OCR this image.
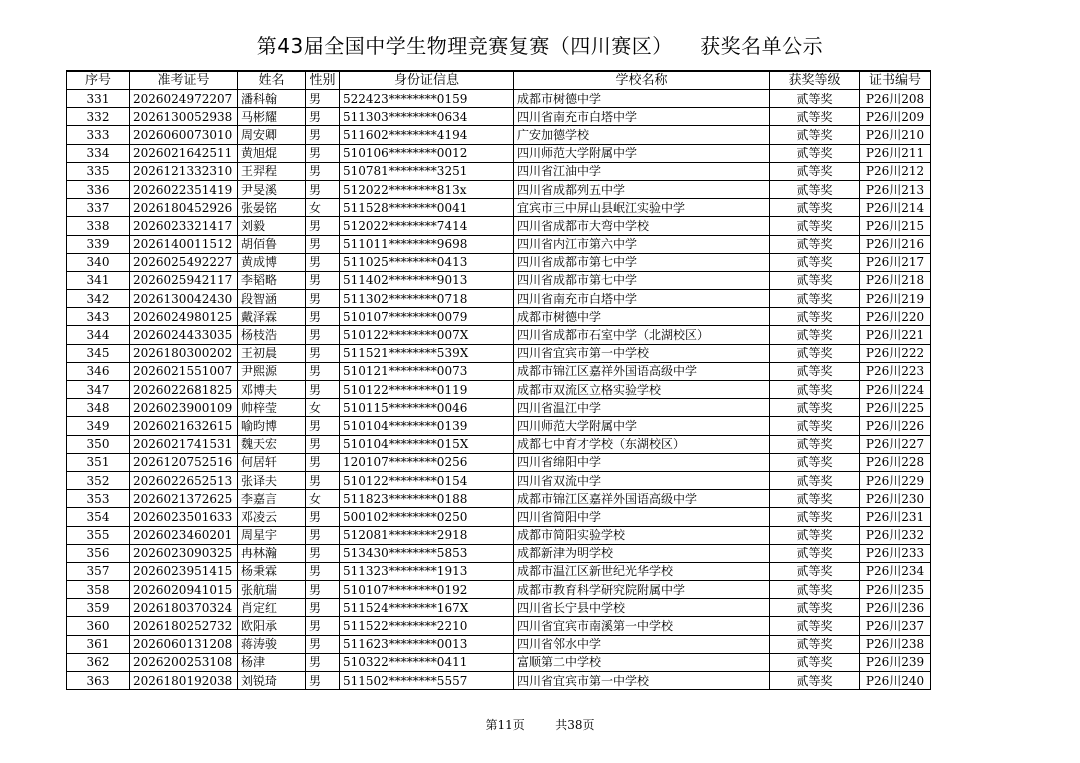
第43届全国中学生物理竞赛复赛（四川赛区）    获奖名单公示
序号	准考证号	姓名	性别	身份证信息	学校名称	获奖等级	证书编号
331	2026024972207	潘科翰	男	522423********0159	成都市树德中学	贰等奖	P26川208
332	2026130052938	马彬耀	男	511303********0634	四川省南充市白塔中学	贰等奖	P26川209
333	2026060073010	周安卿	男	511602********4194	广安加德学校	贰等奖	P26川210
334	2026021642511	黄旭焜	男	510106********0012	四川师范大学附属中学	贰等奖	P26川211
335	2026121332310	王羿程	男	510781********3251	四川省江油中学	贰等奖	P26川212
336	2026022351419	尹旻溪	男	512022********813x	四川省成都列五中学	贰等奖	P26川213
337	2026180452926	张晏铭	女	511528********0041	宜宾市三中屏山县岷江实验中学	贰等奖	P26川214
338	2026023321417	刘毅	男	512022********7414	四川省成都市大弯中学校	贰等奖	P26川215
339	2026140011512	胡佰鲁	男	511011********9698	四川省内江市第六中学	贰等奖	P26川216
340	2026025492227	黄成博	男	511025********0413	四川省成都市第七中学	贰等奖	P26川217
341	2026025942117	李韬略	男	511402********9013	四川省成都市第七中学	贰等奖	P26川218
342	2026130042430	段智涵	男	511302********0718	四川省南充市白塔中学	贰等奖	P26川219
343	2026024980125	戴泽霖	男	510107********0079	成都市树德中学	贰等奖	P26川220
344	2026024433035	杨枝浩	男	510122********007X	四川省成都市石室中学（北湖校区）	贰等奖	P26川221
345	2026180300202	王初晨	男	511521********539X	四川省宜宾市第一中学校	贰等奖	P26川222
346	2026021551007	尹熙源	男	510121********0073	成都市锦江区嘉祥外国语高级中学	贰等奖	P26川223
347	2026022681825	邓博夫	男	510122********0119	成都市双流区立格实验学校	贰等奖	P26川224
348	2026023900109	帅梓莹	女	510115********0046	四川省温江中学	贰等奖	P26川225
349	2026021632615	喻昀博	男	510104********0139	四川师范大学附属中学	贰等奖	P26川226
350	2026021741531	魏天宏	男	510104********015X	成都七中育才学校（东湖校区）	贰等奖	P26川227
351	2026120752516	何居轩	男	120107********0256	四川省绵阳中学	贰等奖	P26川228
352	2026022652513	张译夫	男	510122********0154	四川省双流中学	贰等奖	P26川229
353	2026021372625	李嘉言	女	511823********0188	成都市锦江区嘉祥外国语高级中学	贰等奖	P26川230
354	2026023501633	邓凌云	男	500102********0250	四川省简阳中学	贰等奖	P26川231
355	2026023460201	周星宇	男	512081********2918	成都市简阳实验学校	贰等奖	P26川232
356	2026023090325	冉林瀚	男	513430********5853	成都新津为明学校	贰等奖	P26川233
357	2026023951415	杨秉霖	男	511323********1913	成都市温江区新世纪光华学校	贰等奖	P26川234
358	2026020941015	张航瑞	男	510107********0192	成都市教育科学研究院附属中学	贰等奖	P26川235
359	2026180370324	肖定红	男	511524********167X	四川省长宁县中学校	贰等奖	P26川236
360	2026180252732	欧阳承	男	511522********2210	四川省宜宾市南溪第一中学校	贰等奖	P26川237
361	2026060131208	蒋涛骏	男	511623********0013	四川省邻水中学	贰等奖	P26川238
362	2026200253108	杨津	男	510322********0411	富顺第二中学校	贰等奖	P26川239
363	2026180192038	刘锐琦	男	511502********5557	四川省宜宾市第一中学校	贰等奖	P26川240
第11页	共38页
